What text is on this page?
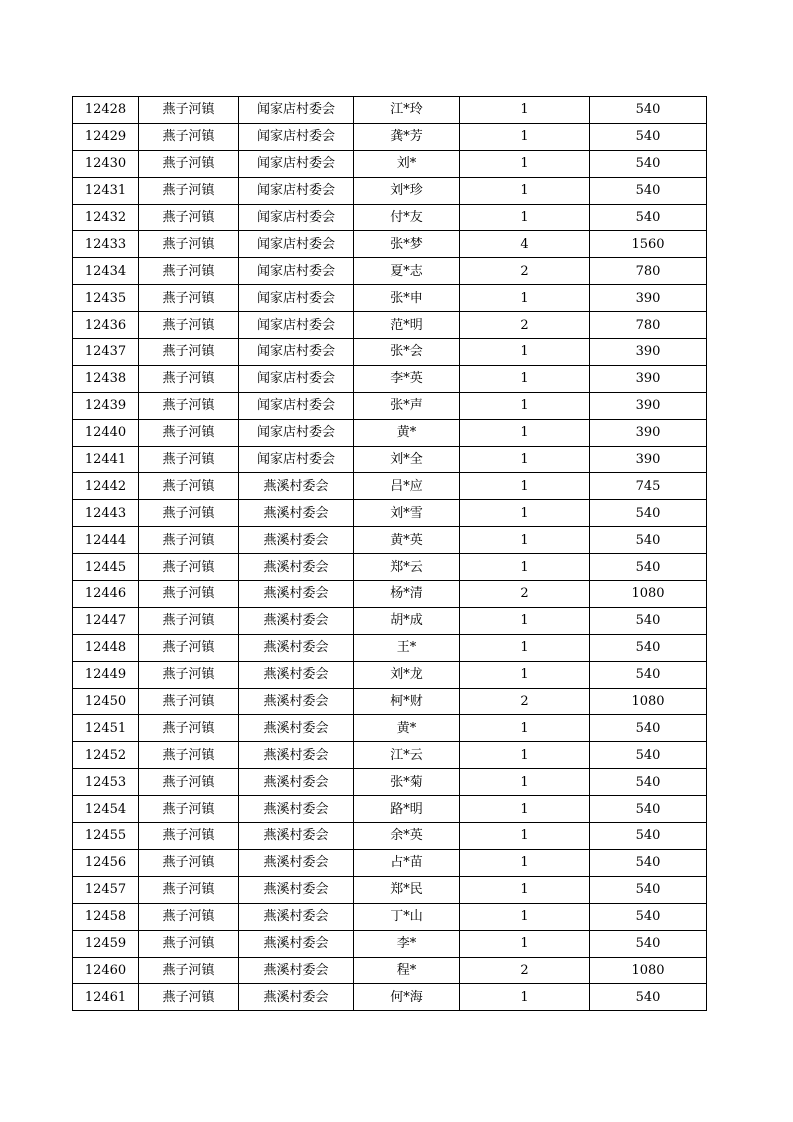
12428	燕子河镇	闻家店村委会	江*玲	1	540
12429	燕子河镇	闻家店村委会	龚*芳	1	540
12430	燕子河镇	闻家店村委会	刘*	1	540
12431	燕子河镇	闻家店村委会	刘*珍	1	540
12432	燕子河镇	闻家店村委会	付*友	1	540
12433	燕子河镇	闻家店村委会	张*梦	4	1560
12434	燕子河镇	闻家店村委会	夏*志	2	780
12435	燕子河镇	闻家店村委会	张*申	1	390
12436	燕子河镇	闻家店村委会	范*明	2	780
12437	燕子河镇	闻家店村委会	张*会	1	390
12438	燕子河镇	闻家店村委会	李*英	1	390
12439	燕子河镇	闻家店村委会	张*声	1	390
12440	燕子河镇	闻家店村委会	黄*	1	390
12441	燕子河镇	闻家店村委会	刘*全	1	390
12442	燕子河镇	燕溪村委会	吕*应	1	745
12443	燕子河镇	燕溪村委会	刘*雪	1	540
12444	燕子河镇	燕溪村委会	黄*英	1	540
12445	燕子河镇	燕溪村委会	郑*云	1	540
12446	燕子河镇	燕溪村委会	杨*清	2	1080
12447	燕子河镇	燕溪村委会	胡*成	1	540
12448	燕子河镇	燕溪村委会	王*	1	540
12449	燕子河镇	燕溪村委会	刘*龙	1	540
12450	燕子河镇	燕溪村委会	柯*财	2	1080
12451	燕子河镇	燕溪村委会	黄*	1	540
12452	燕子河镇	燕溪村委会	江*云	1	540
12453	燕子河镇	燕溪村委会	张*菊	1	540
12454	燕子河镇	燕溪村委会	路*明	1	540
12455	燕子河镇	燕溪村委会	余*英	1	540
12456	燕子河镇	燕溪村委会	占*苗	1	540
12457	燕子河镇	燕溪村委会	郑*民	1	540
12458	燕子河镇	燕溪村委会	丁*山	1	540
12459	燕子河镇	燕溪村委会	李*	1	540
12460	燕子河镇	燕溪村委会	程*	2	1080
12461	燕子河镇	燕溪村委会	何*海	1	540
